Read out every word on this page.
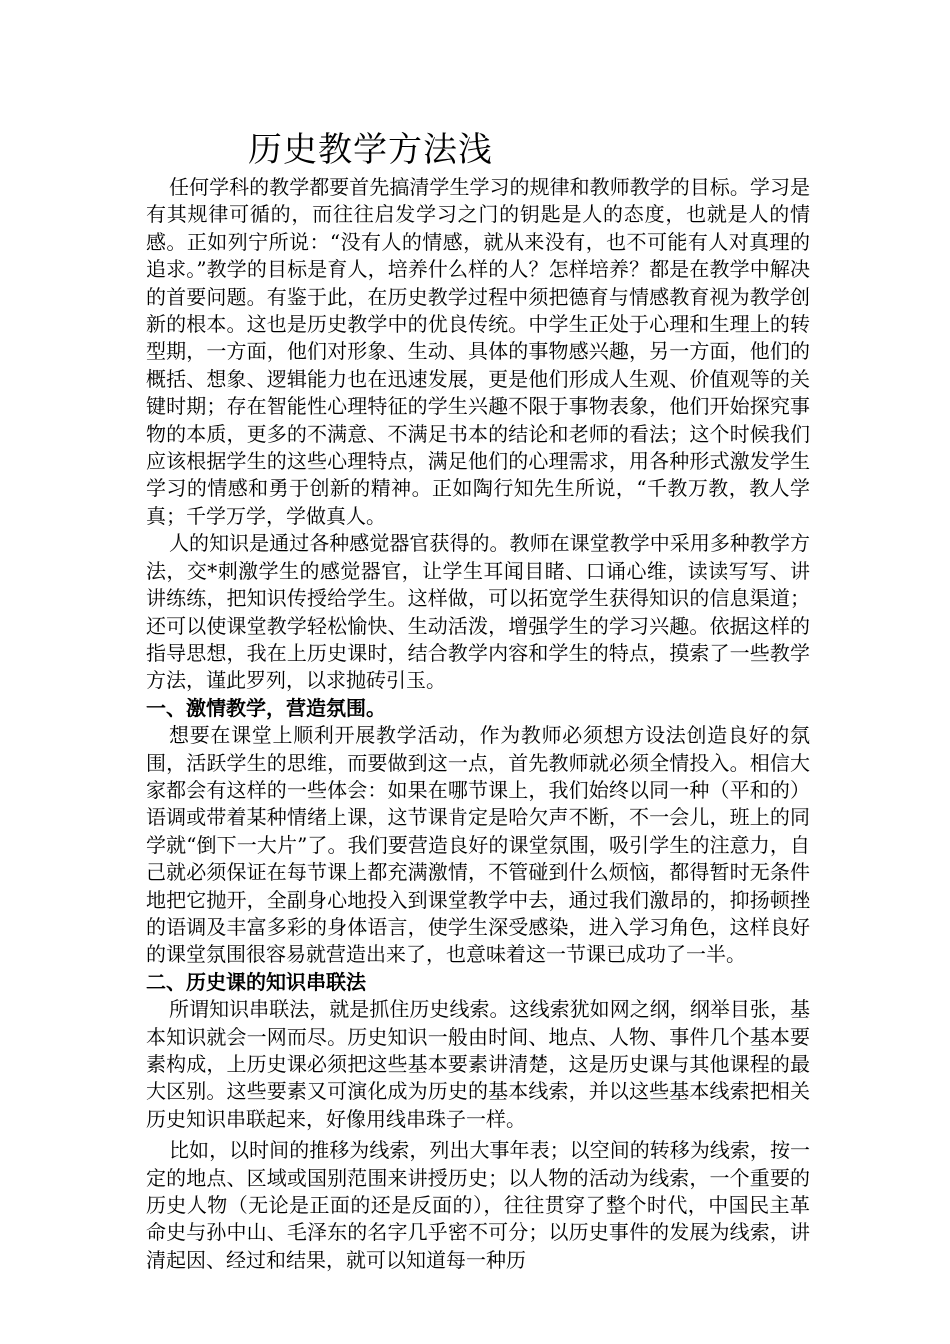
历史教学方法浅

任何学科的教学都要首先搞清学生学习的规律和教师教学的目标。学习是有其规律可循的，而往往启发学习之门的钥匙是人的态度，也就是人的情感。正如列宁所说：“没有人的情感，就从来没有，也不可能有人对真理的追求。”教学的目标是育人，培养什么样的人？怎样培养？都是在教学中解决的首要问题。有鉴于此，在历史教学过程中须把德育与情感教育视为教学创新的根本。这也是历史教学中的优良传统。中学生正处于心理和生理上的转型期，一方面，他们对形象、生动、具体的事物感兴趣，另一方面，他们的概括、想象、逻辑能力也在迅速发展，更是他们形成人生观、价值观等的关键时期；存在智能性心理特征的学生兴趣不限于事物表象，他们开始探究事物的本质，更多的不满意、不满足书本的结论和老师的看法；这个时候我们应该根据学生的这些心理特点，满足他们的心理需求，用各种形式激发学生学习的情感和勇于创新的精神。正如陶行知先生所说，“千教万教，教人学真；千学万学，学做真人。

人的知识是通过各种感觉器官获得的。教师在课堂教学中采用多种教学方法，交*刺激学生的感觉器官，让学生耳闻目睹、口诵心维，读读写写、讲讲练练，把知识传授给学生。这样做，可以拓宽学生获得知识的信息渠道；还可以使课堂教学轻松愉快、生动活泼，增强学生的学习兴趣。依据这样的指导思想，我在上历史课时，结合教学内容和学生的特点，摸索了一些教学方法，谨此罗列，以求抛砖引玉。

一、激情教学，营造氛围。

想要在课堂上顺利开展教学活动，作为教师必须想方设法创造良好的氛围，活跃学生的思维，而要做到这一点，首先教师就必须全情投入。相信大家都会有这样的一些体会：如果在哪节课上，我们始终以同一种（平和的）语调或带着某种情绪上课，这节课肯定是哈欠声不断，不一会儿，班上的同学就“倒下一大片”了。我们要营造良好的课堂氛围，吸引学生的注意力，自己就必须保证在每节课上都充满激情，不管碰到什么烦恼，都得暂时无条件地把它抛开，全副身心地投入到课堂教学中去，通过我们激昂的，抑扬顿挫的语调及丰富多彩的身体语言，使学生深受感染，进入学习角色，这样良好的课堂氛围很容易就营造出来了，也意味着这一节课已成功了一半。

二、历史课的知识串联法

所谓知识串联法，就是抓住历史线索。这线索犹如网之纲，纲举目张，基本知识就会一网而尽。历史知识一般由时间、地点、人物、事件几个基本要素构成，上历史课必须把这些基本要素讲清楚，这是历史课与其他课程的最大区别。这些要素又可演化成为历史的基本线索，并以这些基本线索把相关历史知识串联起来，好像用线串珠子一样。

比如，以时间的推移为线索，列出大事年表；以空间的转移为线索，按一定的地点、区域或国别范围来讲授历史；以人物的活动为线索，一个重要的历史人物（无论是正面的还是反面的），往往贯穿了整个时代，中国民主革命史与孙中山、毛泽东的名字几乎密不可分；以历史事件的发展为线索，讲清起因、经过和结果，就可以知道每一种历
